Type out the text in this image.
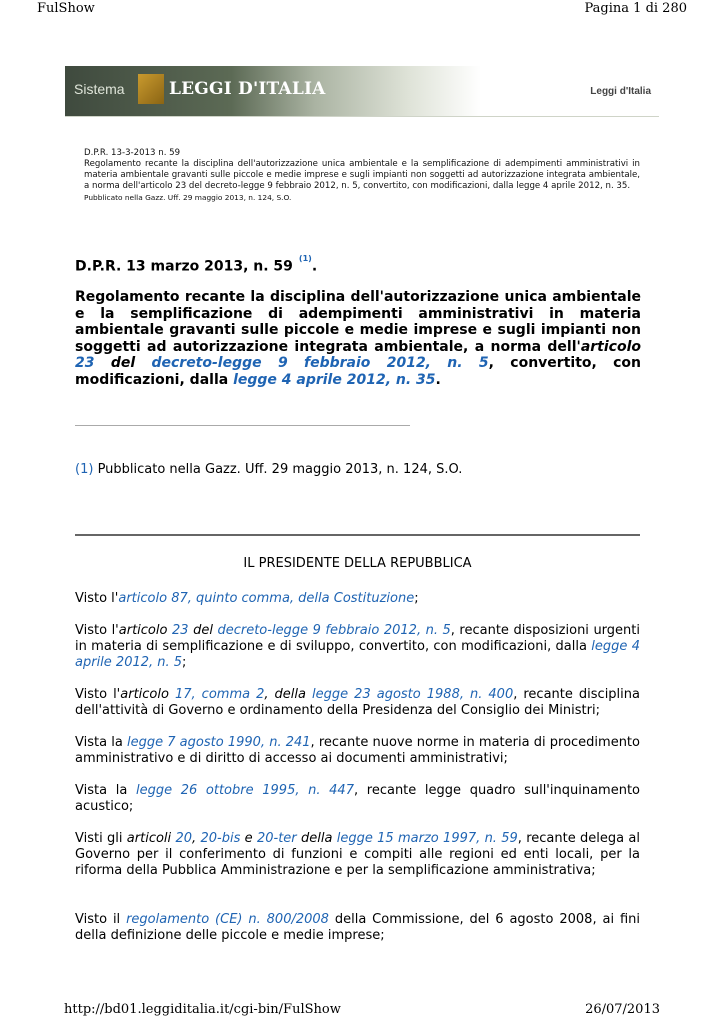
FulShow	Pagina 1 di 280
Sistema	LEGGI D'ITALIA	Leggi d'Italia
D.P.R. 13-3-2013 n. 59
Regolamento recante la disciplina dell'autorizzazione unica ambientale e la semplificazione di adempimenti amministrativi in materia ambientale gravanti sulle piccole e medie imprese e sugli impianti non soggetti ad autorizzazione integrata ambientale, a norma dell'articolo 23 del decreto-legge 9 febbraio 2012, n. 5, convertito, con modificazioni, dalla legge 4 aprile 2012, n. 35.
Pubblicato nella Gazz. Uff. 29 maggio 2013, n. 124, S.O.
D.P.R. 13 marzo 2013, n. 59$^{(1)}$.
Regolamento recante la disciplina dell'autorizzazione unica ambientale e la semplificazione di adempimenti amministrativi in materia ambientale gravanti sulle piccole e medie imprese e sugli impianti non soggetti ad autorizzazione integrata ambientale, a norma dell'articolo 23 del decreto-legge 9 febbraio 2012, n. 5, convertito, con modificazioni, dalla legge 4 aprile 2012, n. 35.
(1) Pubblicato nella Gazz. Uff. 29 maggio 2013, n. 124, S.O.
IL PRESIDENTE DELLA REPUBBLICA
Visto l'articolo 87, quinto comma, della Costituzione;
Visto l'articolo 23 del decreto-legge 9 febbraio 2012, n. 5, recante disposizioni urgenti in materia di semplificazione e di sviluppo, convertito, con modificazioni, dalla legge 4 aprile 2012, n. 5;
Visto l'articolo 17, comma 2, della legge 23 agosto 1988, n. 400, recante disciplina dell'attività di Governo e ordinamento della Presidenza del Consiglio dei Ministri;
Vista la legge 7 agosto 1990, n. 241, recante nuove norme in materia di procedimento amministrativo e di diritto di accesso ai documenti amministrativi;
Vista la legge 26 ottobre 1995, n. 447, recante legge quadro sull'inquinamento acustico;
Visti gli articoli 20, 20-bis e 20-ter della legge 15 marzo 1997, n. 59, recante delega al Governo per il conferimento di funzioni e compiti alle regioni ed enti locali, per la riforma della Pubblica Amministrazione e per la semplificazione amministrativa;
Visto il regolamento (CE) n. 800/2008 della Commissione, del 6 agosto 2008, ai fini della definizione delle piccole e medie imprese;
http://bd01.leggiditalia.it/cgi-bin/FulShow	26/07/2013
